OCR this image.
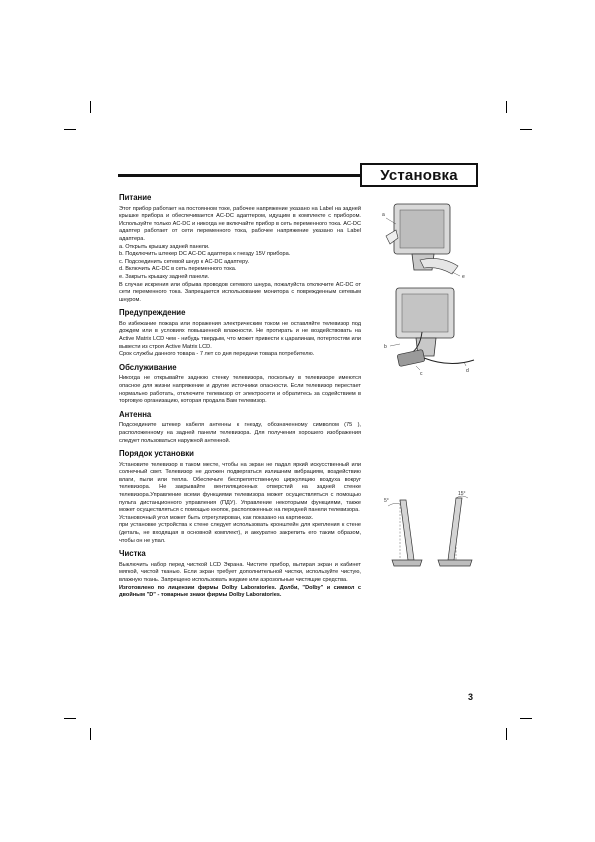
Установка
Питание

Этот прибор работает на постоянном токе, рабочее напряжение указано на Label на задней крышке прибора и обеспечивается AC-DC адаптером, идущим в комплекте с прибором. Используйте только AC-DC и никогда не включайте прибор в сеть переменного тока. AC-DC адаптер работает от сети переменного тока, рабочее напряжение указано на Label адаптера.

a. Открыть крышку задней панели.

b. Подключить штекер DC AC-DC адаптера к гнезду 15V прибора.

c. Подсоединить сетевой шнур к AC-DC адаптеру.

d. Включить AC-DC в сеть переменного тока.

e. Закрыть крышку задней панели.

В случае искрения или обрыва проводов сетевого шнура, пожалуйста отключите AC-DC от сети переменного тока. Запрещается использование монитора с поврежденным сетевым шнуром.

Предупреждение

Во избежание пожара или поражения электрическим током не оставляйте телевизор под дождем или в условиях повышенной влажности. Не протирать и не воздействовать на Active Matrix LCD чем - нибудь твердым, что может привести к царапинам, потертостям или вывести из строя Active Matrix LCD.

Срок службы данного товара - 7 лет со дня передачи товара потребителю.

Обслуживание

Никогда не открывайте заднюю стенку телевизора, поскольку в телевизоре имеются опасное для жизни напряжение и другие источники опасности. Если телевизор перестает нормально работать, отключите телевизор от электросети и обратитесь за содействием в торговую организацию, которая продала Вам телевизор.

Антенна

Подсоедините штекер кабеля антенны к гнезду, обозначенному символом (75 ), расположенному на задней панели телевизора. Для получения хорошего изображения следует пользоваться наружной антенной.

Порядок установки

Установите телевизор в таком месте, чтобы на экран не падал яркий искусственный или солнечный свет. Телевизор не должен подвергаться излишним вибрациям, воздействию влаги, пыли или тепла. Обеспечьте беспрепятственную циркуляцию воздуха вокруг телевизора. Не закрывайте вентиляционных отверстий на задней стенке телевизора.Управление всеми функциями телевизора может осуществляться с помощью пульта дистанционного управления (ПДУ). Управление некоторыми функциями, также может осуществляться с помощью кнопок, расположенных на передней панели телевизора.

Установочный угол может быть отрегулирован, как показано на картинках.

при установке устройства к стене следует использовать кронштейн для крепления к стене (деталь, не входящая в основной комплект), и аккуратно закрепить его таким образом, чтобы он не упал.

Чистка

Выключить набор перед чисткой LCD Экрана. Чистите прибор, вытирая экран и кабинет мягкой, чистой тканью. Если экран требует дополнительной чистки, используйте чистую, влажную ткань. Запрещено использовать жидкие или аэрозольные чистящие средства.

Изготовлено по лицензии фирмы Dolby Laboratories. Долби, "Dolby" и символ с двойным "D" - товарные знаки фирмы Dolby Laboratories.

a
e
b
c	d
5°
15°
3
